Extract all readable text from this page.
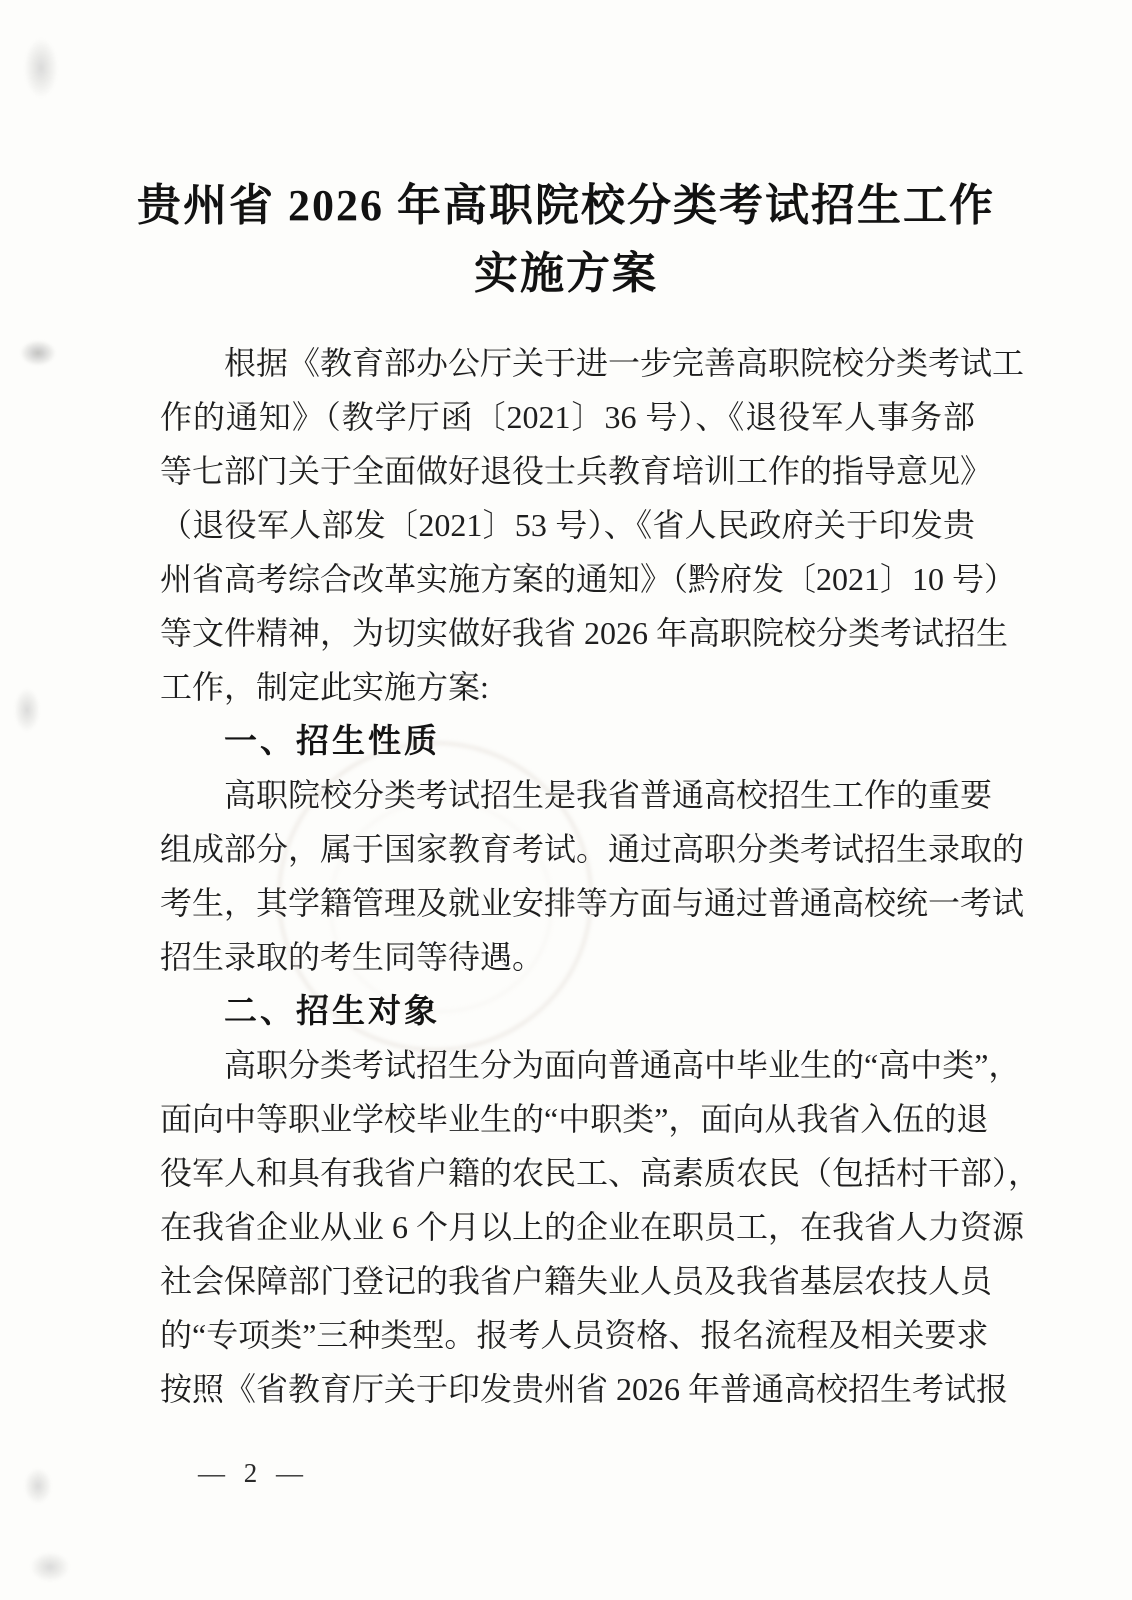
贵州省 2026 年高职院校分类考试招生工作
实施方案
根据《教育部办公厅关于进一步完善高职院校分类考试工
作的通知》（教学厅函〔2021〕36 号）、《退役军人事务部
等七部门关于全面做好退役士兵教育培训工作的指导意见》
（退役军人部发〔2021〕53 号）、《省人民政府关于印发贵
州省高考综合改革实施方案的通知》（黔府发〔2021〕10 号）
等文件精神，为切实做好我省 2026 年高职院校分类考试招生
工作，制定此实施方案:
一、招生性质
高职院校分类考试招生是我省普通高校招生工作的重要
组成部分，属于国家教育考试。通过高职分类考试招生录取的
考生，其学籍管理及就业安排等方面与通过普通高校统一考试
招生录取的考生同等待遇。
二、招生对象
高职分类考试招生分为面向普通高中毕业生的“高中类”，
面向中等职业学校毕业生的“中职类”，面向从我省入伍的退
役军人和具有我省户籍的农民工、高素质农民（包括村干部），
在我省企业从业 6 个月以上的企业在职员工，在我省人力资源
社会保障部门登记的我省户籍失业人员及我省基层农技人员
的“专项类”三种类型。报考人员资格、报名流程及相关要求
按照《省教育厅关于印发贵州省 2026 年普通高校招生考试报
— 2 —
